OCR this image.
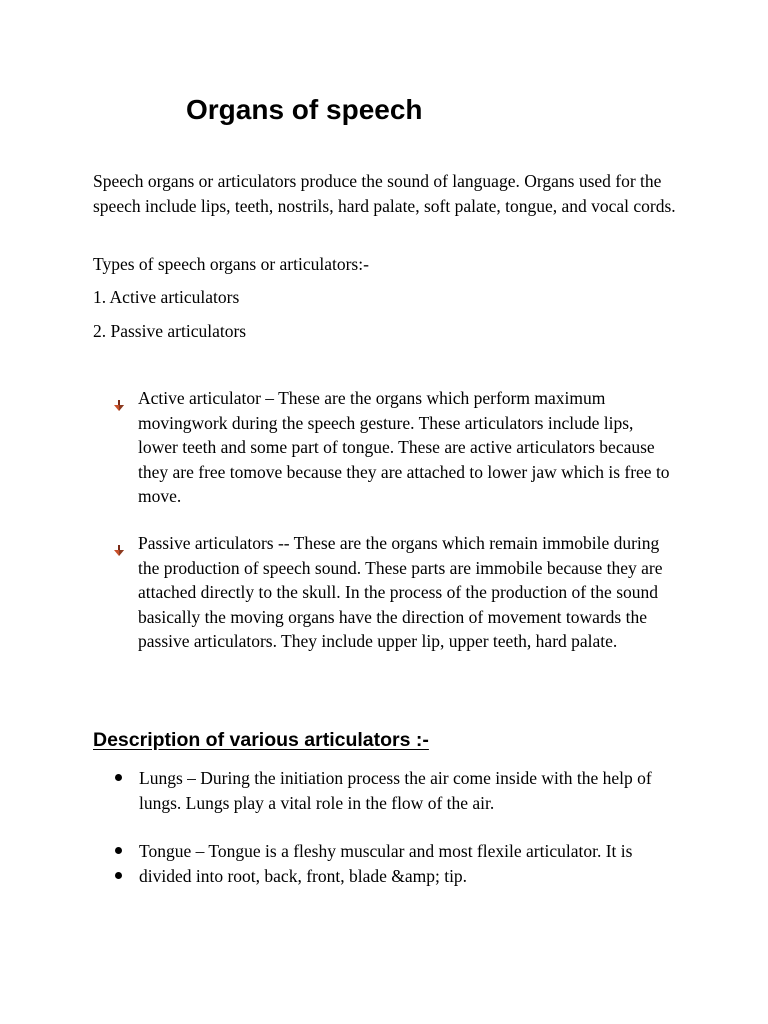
Organs of speech

Speech organs or articulators produce the sound of language. Organs used for the speech include lips, teeth, nostrils, hard palate, soft palate, tongue, and vocal cords.

Types of speech organs or articulators:-

1. Active articulators

2. Passive articulators

Active articulator – These are the organs which perform maximum movingwork during the speech gesture. These articulators include lips, lower teeth and some part of tongue. These are active articulators because they are free tomove because they are attached to lower jaw which is free to move.

Passive articulators -- These are the organs which remain immobile during the production of speech sound. These parts are immobile because they are attached directly to the skull. In the process of the production of the sound basically the moving organs have the direction of movement towards the passive articulators. They include upper lip, upper teeth, hard palate.

Description of various articulators :-

Lungs – During the initiation process the air come inside with the help of lungs. Lungs play a vital role in the flow of the air.

Tongue – Tongue is a fleshy muscular and most flexile articulator. It is divided into root, back, front, blade &amp; tip.
